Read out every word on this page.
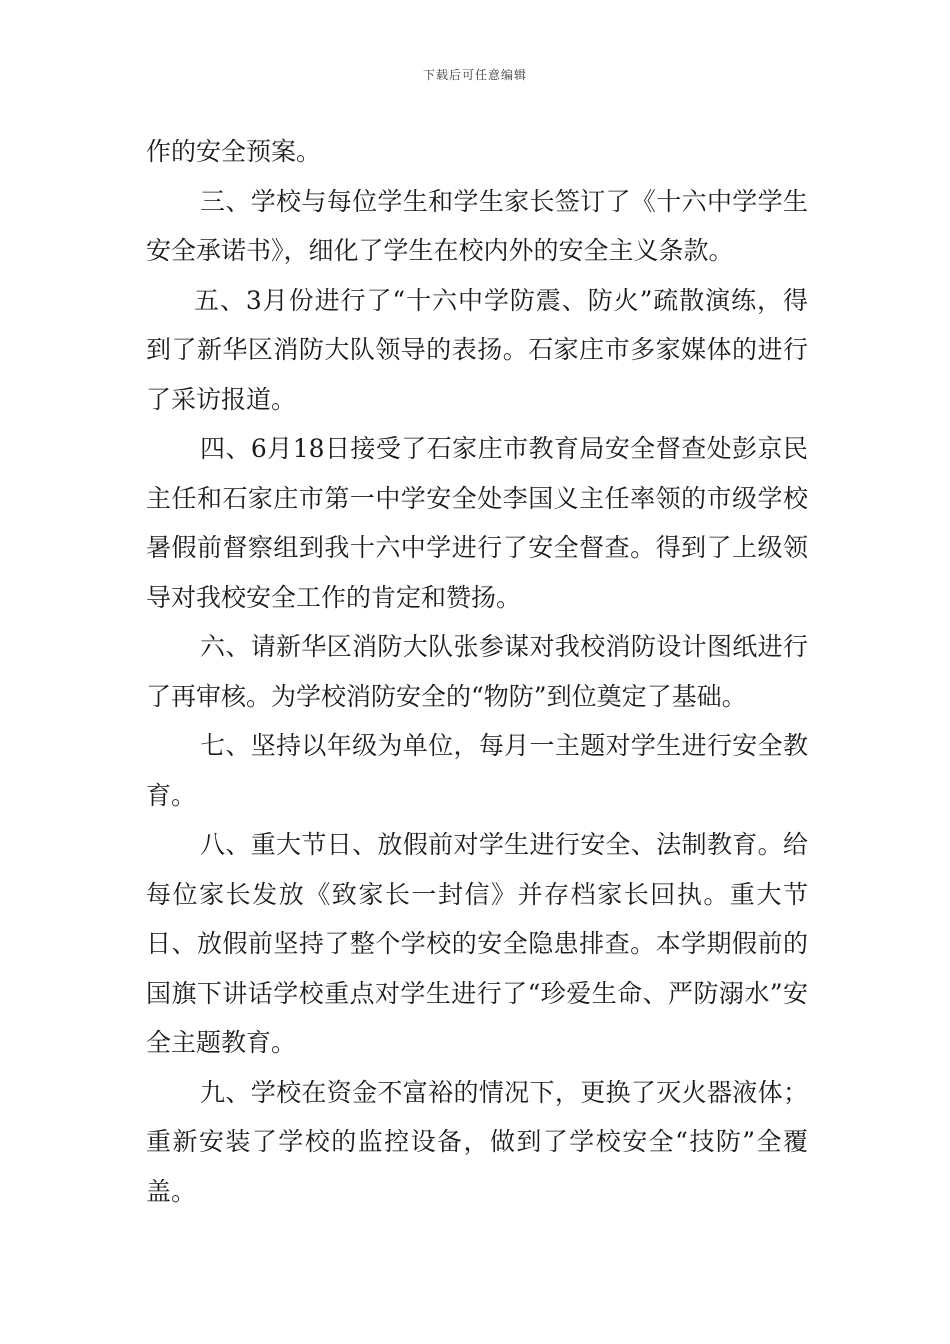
下载后可任意编辑

作的安全预案。

三、学校与每位学生和学生家长签订了《十六中学学生安全承诺书》，细化了学生在校内外的安全主义条款。

五、3月份进行了“十六中学防震、防火”疏散演练，得到了新华区消防大队领导的表扬。石家庄市多家媒体的进行了采访报道。

四、6月18日接受了石家庄市教育局安全督查处彭京民主任和石家庄市第一中学安全处李国义主任率领的市级学校暑假前督察组到我十六中学进行了安全督查。得到了上级领导对我校安全工作的肯定和赞扬。

六、请新华区消防大队张参谋对我校消防设计图纸进行了再审核。为学校消防安全的“物防”到位奠定了基础。

七、坚持以年级为单位，每月一主题对学生进行安全教育。

八、重大节日、放假前对学生进行安全、法制教育。给每位家长发放《致家长一封信》并存档家长回执。重大节日、放假前坚持了整个学校的安全隐患排查。本学期假前的国旗下讲话学校重点对学生进行了“珍爱生命、严防溺水”安全主题教育。

九、学校在资金不富裕的情况下，更换了灭火器液体；重新安装了学校的监控设备，做到了学校安全“技防”全覆盖。
